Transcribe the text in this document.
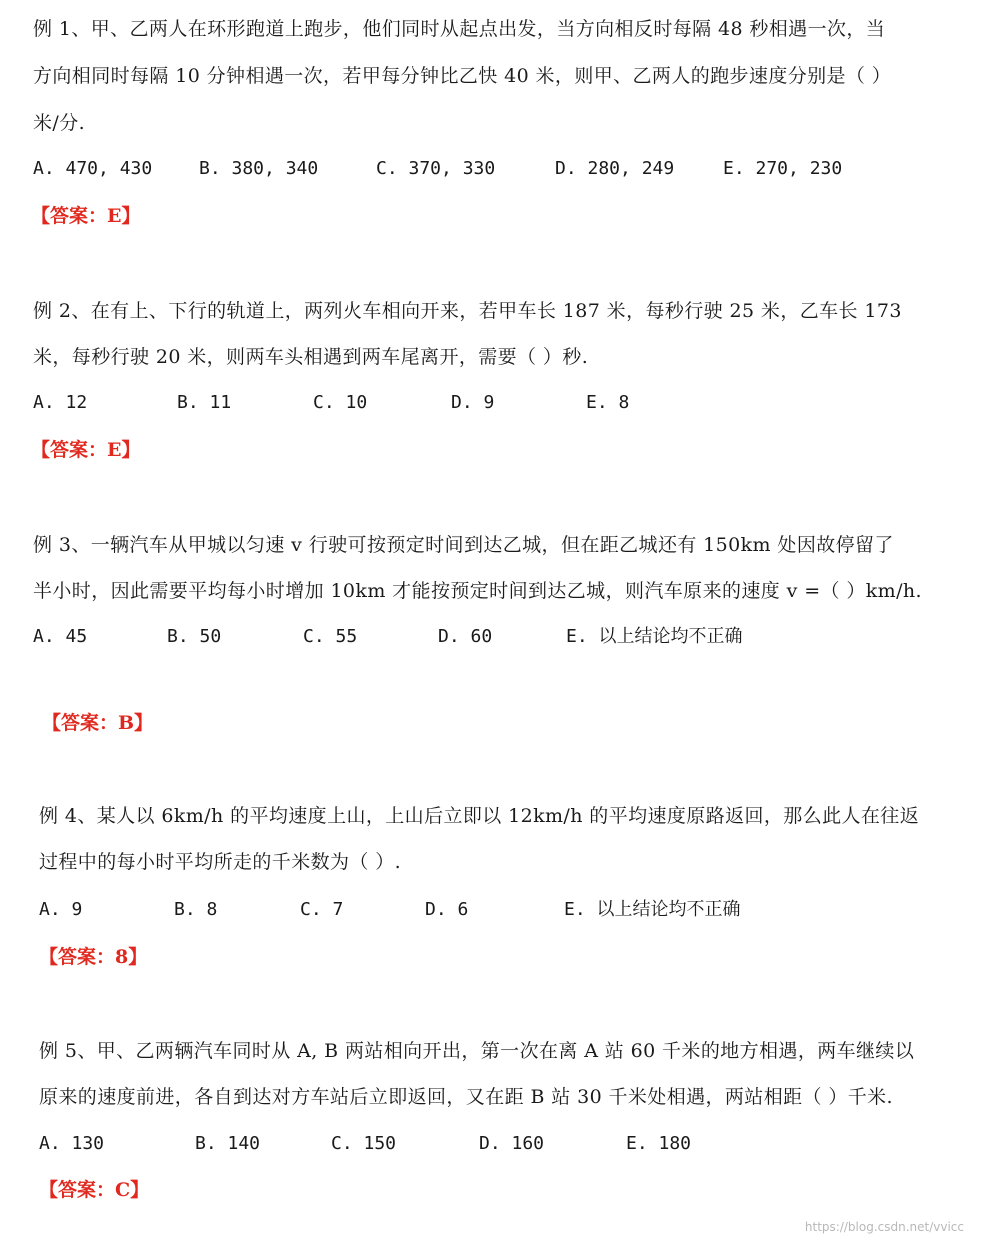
例 1、甲、乙两人在环形跑道上跑步，他们同时从起点出发，当方向相反时每隔 48 秒相遇一次，当
方向相同时每隔 10 分钟相遇一次，若甲每分钟比乙快 40 米，则甲、乙两人的跑步速度分别是（ ）
米/分.
A. 470, 430	B. 380, 340	C. 370, 330	D. 280, 249	E. 270, 230
【答案：E】
例 2、在有上、下行的轨道上，两列火车相向开来，若甲车长 187 米，每秒行驶 25 米，乙车长 173
米，每秒行驶 20 米，则两车头相遇到两车尾离开，需要（ ）秒.
A. 12	B. 11	C. 10	D. 9	E. 8
【答案：E】
例 3、一辆汽车从甲城以匀速 v 行驶可按预定时间到达乙城，但在距乙城还有 150km 处因故停留了
半小时，因此需要平均每小时增加 10km 才能按预定时间到达乙城，则汽车原来的速度 v =（ ）km/h.
A. 45	B. 50	C. 55	D. 60	E. 以上结论均不正确
【答案：B】
例 4、某人以 6km/h 的平均速度上山，上山后立即以 12km/h 的平均速度原路返回，那么此人在往返
过程中的每小时平均所走的千米数为（ ）.
A. 9	B. 8	C. 7	D. 6	E. 以上结论均不正确
【答案：8】
例 5、甲、乙两辆汽车同时从 A, B 两站相向开出，第一次在离 A 站 60 千米的地方相遇，两车继续以
原来的速度前进，各自到达对方车站后立即返回，又在距 B 站 30 千米处相遇，两站相距（ ）千米.
A. 130	B. 140	C. 150	D. 160	E. 180
【答案：C】
https://blog.csdn.net/vvicc
